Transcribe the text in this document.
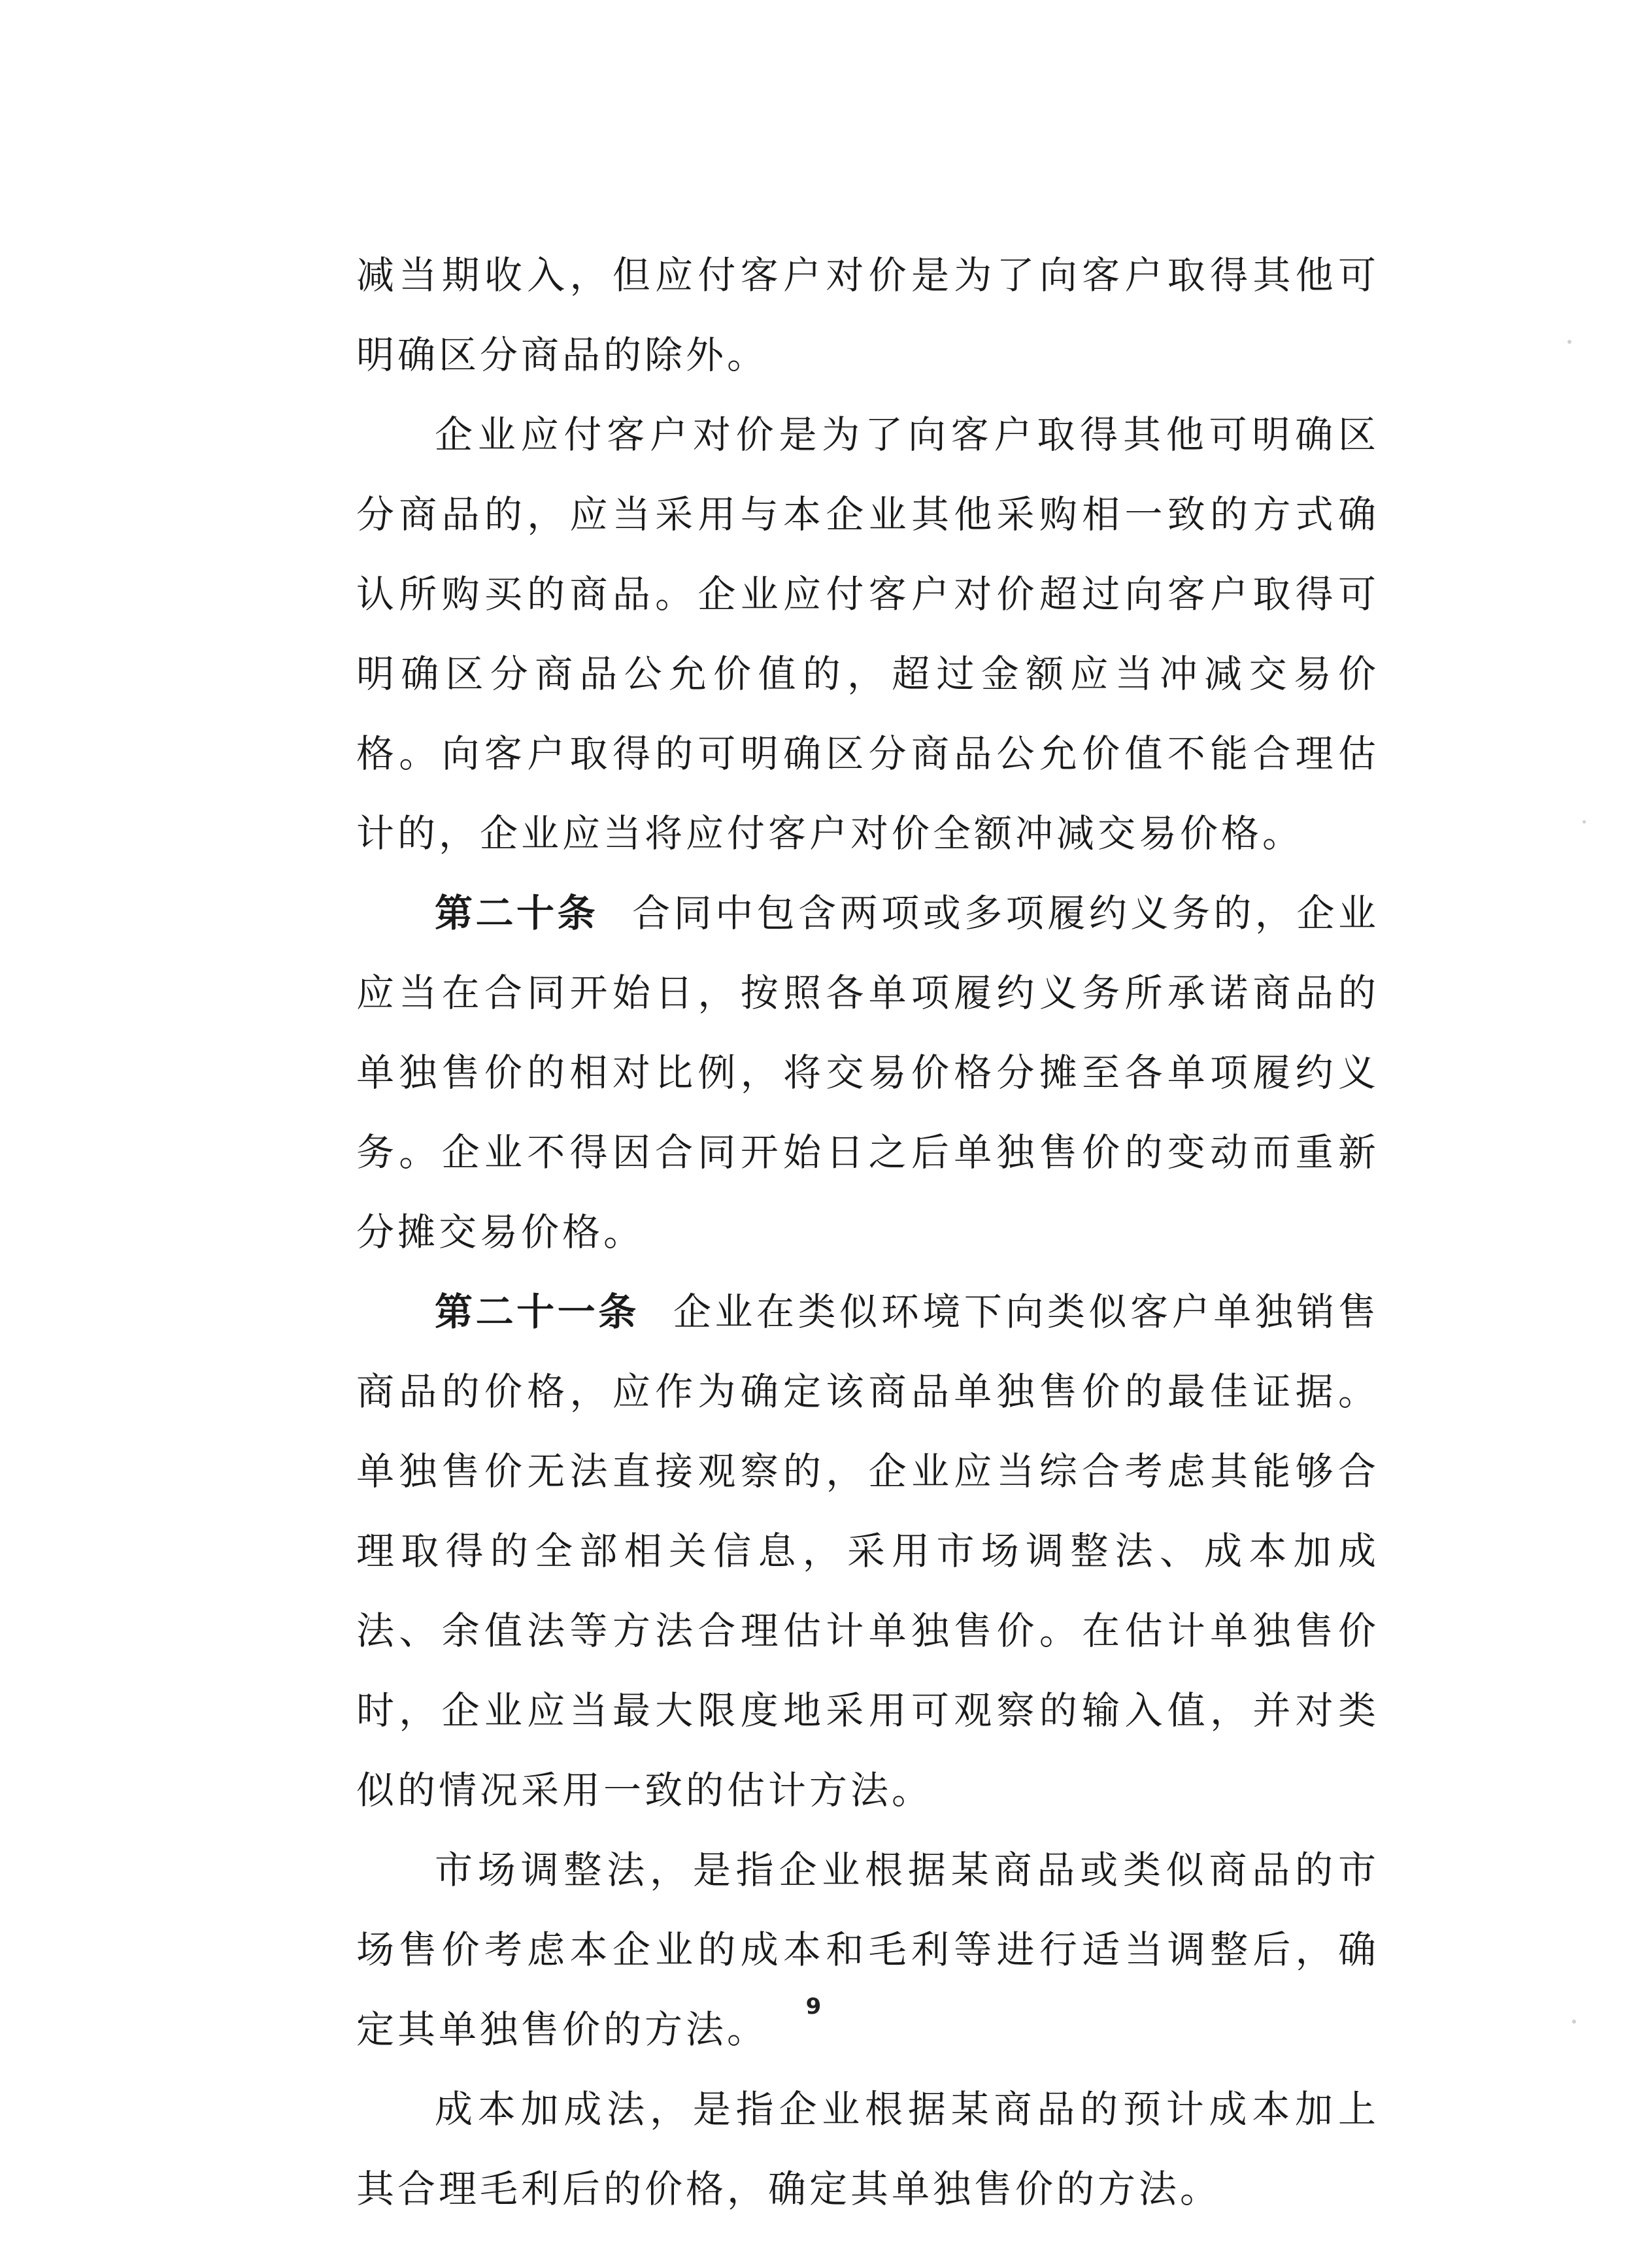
减当期收入，但应付客户对价是为了向客户取得其他可明确区分商品的除外。

企业应付客户对价是为了向客户取得其他可明确区分商品的，应当采用与本企业其他采购相一致的方式确认所购买的商品。企业应付客户对价超过向客户取得可明确区分商品公允价值的，超过金额应当冲减交易价格。向客户取得的可明确区分商品公允价值不能合理估计的，企业应当将应付客户对价全额冲减交易价格。

第二十条 合同中包含两项或多项履约义务的，企业应当在合同开始日，按照各单项履约义务所承诺商品的单独售价的相对比例，将交易价格分摊至各单项履约义务。企业不得因合同开始日之后单独售价的变动而重新分摊交易价格。

第二十一条 企业在类似环境下向类似客户单独销售商品的价格，应作为确定该商品单独售价的最佳证据。单独售价无法直接观察的，企业应当综合考虑其能够合理取得的全部相关信息，采用市场调整法、成本加成法、余值法等方法合理估计单独售价。在估计单独售价时，企业应当最大限度地采用可观察的输入值，并对类似的情况采用一致的估计方法。

市场调整法，是指企业根据某商品或类似商品的市场售价考虑本企业的成本和毛利等进行适当调整后，确定其单独售价的方法。

成本加成法，是指企业根据某商品的预计成本加上其合理毛利后的价格，确定其单独售价的方法。

9
